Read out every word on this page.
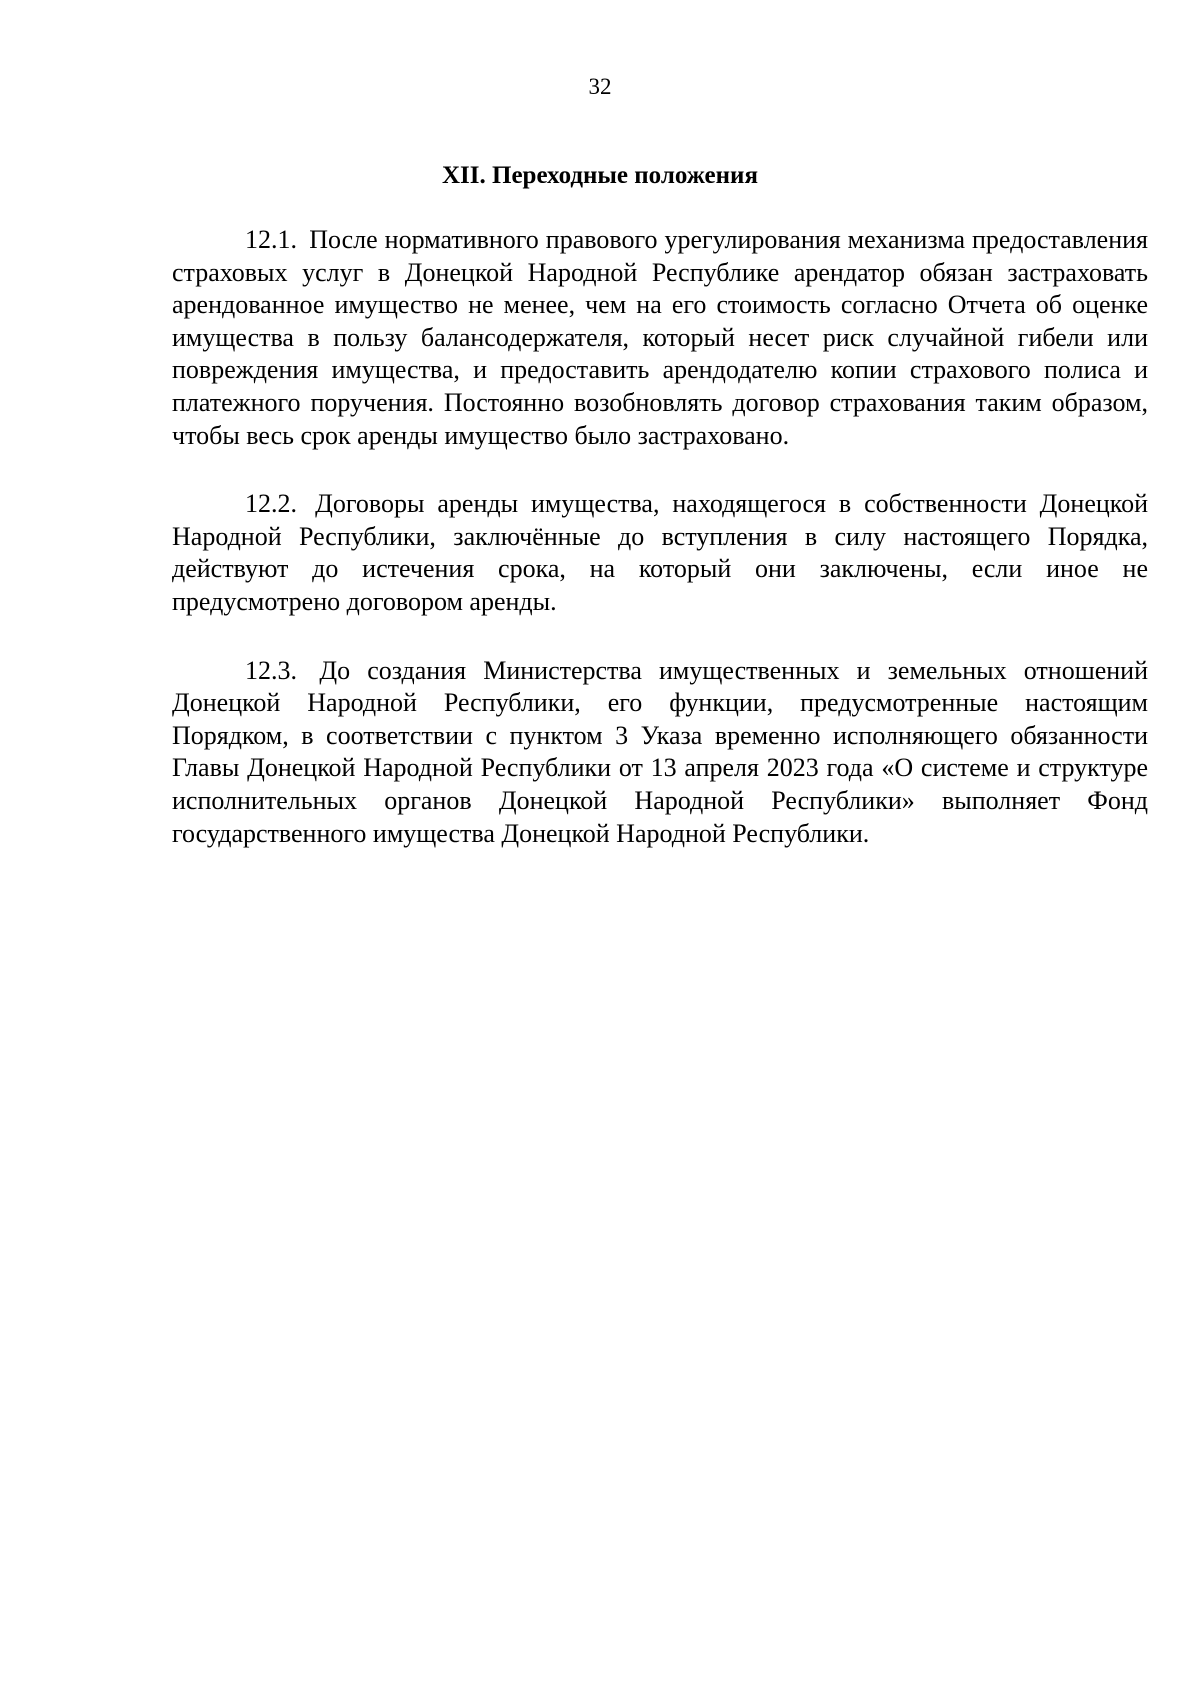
32
XII. Переходные положения

12.1. После нормативного правового урегулирования механизма предоставления страховых услуг в Донецкой Народной Республике арендатор обязан застраховать арендованное имущество не менее, чем на его стоимость согласно Отчета об оценке имущества в пользу балансодержателя, который несет риск случайной гибели или повреждения имущества, и предоставить арендодателю копии страхового полиса и платежного поручения. Постоянно возобновлять договор страхования таким образом, чтобы весь срок аренды имущество было застраховано.

12.2. Договоры аренды имущества, находящегося в собственности Донецкой Народной Республики, заключённые до вступления в силу настоящего Порядка, действуют до истечения срока, на который они заключены, если иное не предусмотрено договором аренды.

12.3. До создания Министерства имущественных и земельных отношений Донецкой Народной Республики, его функции, предусмотренные настоящим Порядком, в соответствии с пунктом 3 Указа временно исполняющего обязанности Главы Донецкой Народной Республики от 13 апреля 2023 года «О системе и структуре исполнительных органов Донецкой Народной Республики» выполняет Фонд государственного имущества Донецкой Народной Республики.
